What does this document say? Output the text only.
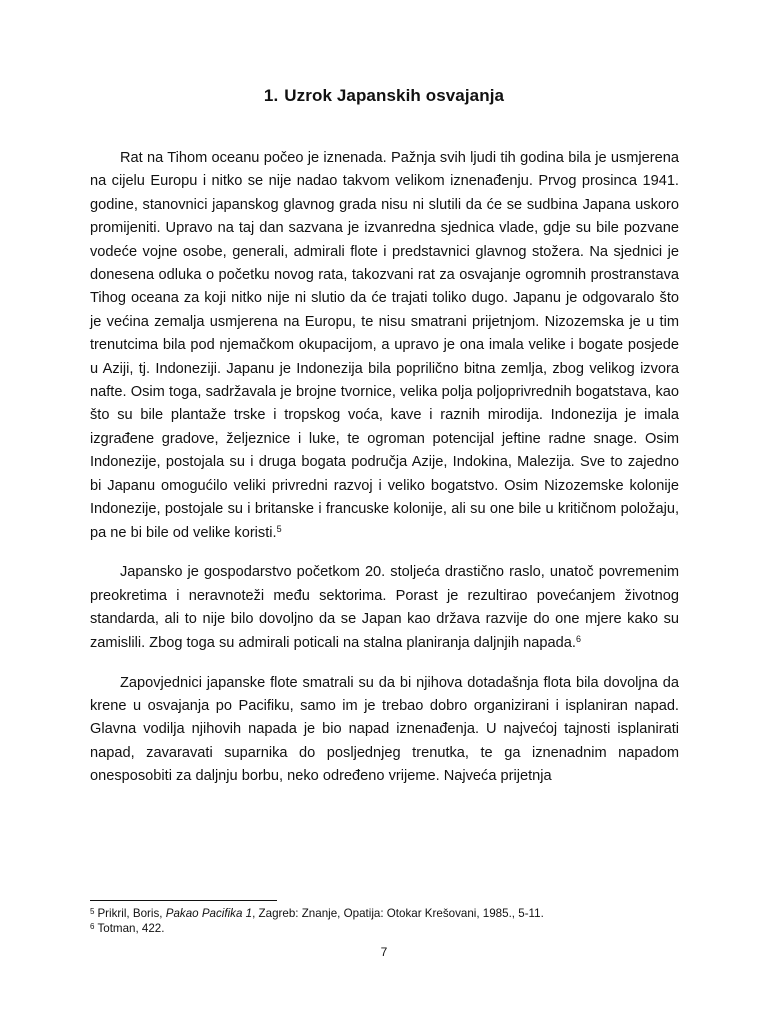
1. Uzrok Japanskih osvajanja

Rat na Tihom oceanu počeo je iznenada. Pažnja svih ljudi tih godina bila je usmjerena na cijelu Europu i nitko se nije nadao takvom velikom iznenađenju. Prvog prosinca 1941. godine, stanovnici japanskog glavnog grada nisu ni slutili da će se sudbina Japana uskoro promijeniti. Upravo na taj dan sazvana je izvanredna sjednica vlade, gdje su bile pozvane vodeće vojne osobe, generali, admirali flote i predstavnici glavnog stožera. Na sjednici je donesena odluka o početku novog rata, takozvani rat za osvajanje ogromnih prostranstava Tihog oceana za koji nitko nije ni slutio da će trajati toliko dugo. Japanu je odgovaralo što je većina zemalja usmjerena na Europu, te nisu smatrani prijetnjom. Nizozemska je u tim trenutcima bila pod njemačkom okupacijom, a upravo je ona imala velike i bogate posjede u Aziji, tj. Indoneziji. Japanu je Indonezija bila poprilično bitna zemlja, zbog velikog izvora nafte. Osim toga, sadržavala je brojne tvornice, velika polja poljoprivrednih bogatstava, kao što su bile plantaže trske i tropskog voća, kave i raznih mirodija. Indonezija je imala izgrađene gradove, željeznice i luke, te ogroman potencijal jeftine radne snage. Osim Indonezije, postojala su i druga bogata područja Azije, Indokina, Malezija. Sve to zajedno bi Japanu omogućilo veliki privredni razvoj i veliko bogatstvo. Osim Nizozemske kolonije Indonezije, postojale su i britanske i francuske kolonije, ali su one bile u kritičnom položaju, pa ne bi bile od velike koristi.$^5$

Japansko je gospodarstvo početkom 20. stoljeća drastično raslo, unatoč povremenim preokretima i neravnoteži među sektorima. Porast je rezultirao povećanjem životnog standarda, ali to nije bilo dovoljno da se Japan kao država razvije do one mjere kako su zamislili. Zbog toga su admirali poticali na stalna planiranja daljnjih napada.$^6$

Zapovjednici japanske flote smatrali su da bi njihova dotadašnja flota bila dovoljna da krene u osvajanja po Pacifiku, samo im je trebao dobro organizirani i isplaniran napad. Glavna vodilja njihovih napada je bio napad iznenađenja. U najvećoj tajnosti isplanirati napad, zavaravati suparnika do posljednjeg trenutka, te ga iznenadnim napadom onesposobiti za daljnju borbu, neko određeno vrijeme. Najveća prijetnja

$^5$ Prikril, Boris, Pakao Pacifika 1, Zagreb: Znanje, Opatija: Otokar Krešovani, 1985., 5-11.
$^6$ Totman, 422.
7
